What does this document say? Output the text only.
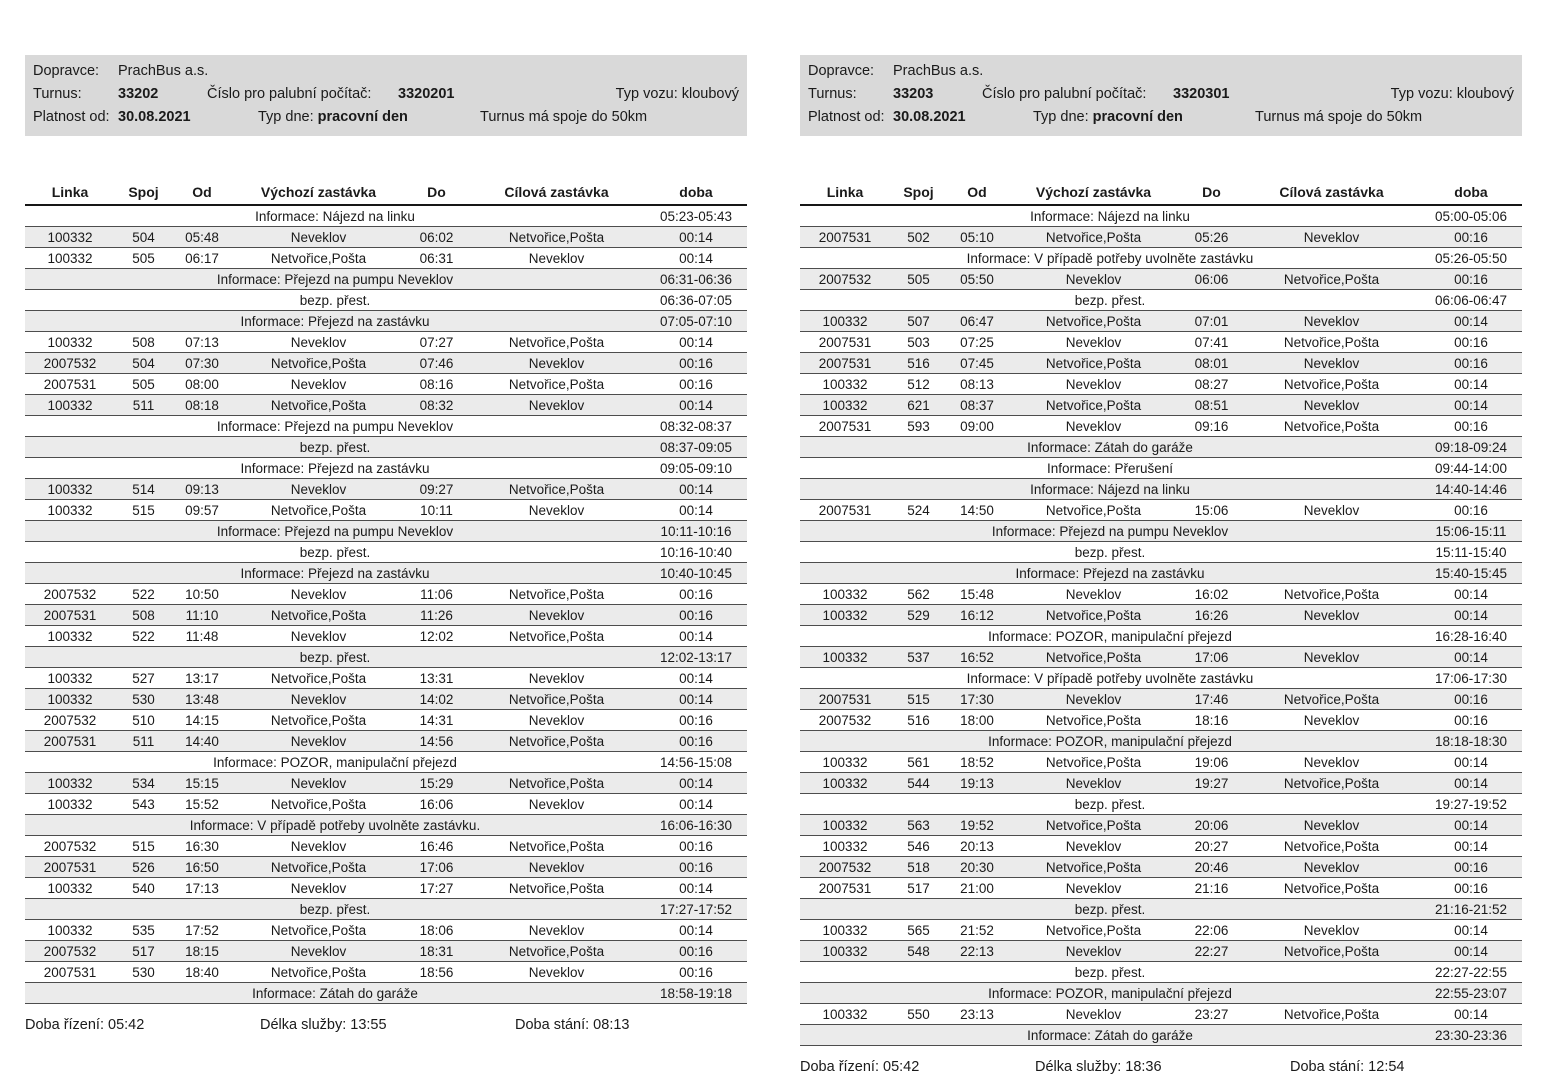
Dopravce:	PrachBus a.s.
Turnus:	33202	Číslo pro palubní počítač:	3320201	Typ vozu: kloubový
Platnost od: 30.08.2021	Typ dne: pracovní den	Turnus má spoje do 50km
Linka	Spoj	Od	Výchozí zastávka	Do	Cílová zastávka	doba
Informace: Nájezd na linku						05:23-05:43
100332	504	05:48	Neveklov	06:02	Netvořice,Pošta	00:14
100332	505	06:17	Netvořice,Pošta	06:31	Neveklov	00:14
Informace: Přejezd na pumpu Neveklov						06:31-06:36
bezp. přest.						06:36-07:05
Informace: Přejezd na zastávku						07:05-07:10
100332	508	07:13	Neveklov	07:27	Netvořice,Pošta	00:14
2007532	504	07:30	Netvořice,Pošta	07:46	Neveklov	00:16
2007531	505	08:00	Neveklov	08:16	Netvořice,Pošta	00:16
100332	511	08:18	Netvořice,Pošta	08:32	Neveklov	00:14
Informace: Přejezd na pumpu Neveklov						08:32-08:37
bezp. přest.						08:37-09:05
Informace: Přejezd na zastávku						09:05-09:10
100332	514	09:13	Neveklov	09:27	Netvořice,Pošta	00:14
100332	515	09:57	Netvořice,Pošta	10:11	Neveklov	00:14
Informace: Přejezd na pumpu Neveklov						10:11-10:16
bezp. přest.						10:16-10:40
Informace: Přejezd na zastávku						10:40-10:45
2007532	522	10:50	Neveklov	11:06	Netvořice,Pošta	00:16
2007531	508	11:10	Netvořice,Pošta	11:26	Neveklov	00:16
100332	522	11:48	Neveklov	12:02	Netvořice,Pošta	00:14
bezp. přest.						12:02-13:17
100332	527	13:17	Netvořice,Pošta	13:31	Neveklov	00:14
100332	530	13:48	Neveklov	14:02	Netvořice,Pošta	00:14
2007532	510	14:15	Netvořice,Pošta	14:31	Neveklov	00:16
2007531	511	14:40	Neveklov	14:56	Netvořice,Pošta	00:16
Informace: POZOR, manipulační přejezd						14:56-15:08
100332	534	15:15	Neveklov	15:29	Netvořice,Pošta	00:14
100332	543	15:52	Netvořice,Pošta	16:06	Neveklov	00:14
Informace: V případě potřeby uvolněte zastávku.						16:06-16:30
2007532	515	16:30	Neveklov	16:46	Netvořice,Pošta	00:16
2007531	526	16:50	Netvořice,Pošta	17:06	Neveklov	00:16
100332	540	17:13	Neveklov	17:27	Netvořice,Pošta	00:14
bezp. přest.						17:27-17:52
100332	535	17:52	Netvořice,Pošta	18:06	Neveklov	00:14
2007532	517	18:15	Neveklov	18:31	Netvořice,Pošta	00:16
2007531	530	18:40	Netvořice,Pošta	18:56	Neveklov	00:16
Informace: Zátah do garáže						18:58-19:18
Doba řízení: 05:42	Délka služby: 13:55	Doba stání: 08:13
Dopravce:	PrachBus a.s.
Turnus:	33203	Číslo pro palubní počítač:	3320301	Typ vozu: kloubový
Platnost od: 30.08.2021	Typ dne: pracovní den	Turnus má spoje do 50km
Linka	Spoj	Od	Výchozí zastávka	Do	Cílová zastávka	doba
Informace: Nájezd na linku						05:00-05:06
2007531	502	05:10	Netvořice,Pošta	05:26	Neveklov	00:16
Informace: V případě potřeby uvolněte zastávku						05:26-05:50
2007532	505	05:50	Neveklov	06:06	Netvořice,Pošta	00:16
bezp. přest.						06:06-06:47
100332	507	06:47	Netvořice,Pošta	07:01	Neveklov	00:14
2007531	503	07:25	Neveklov	07:41	Netvořice,Pošta	00:16
2007531	516	07:45	Netvořice,Pošta	08:01	Neveklov	00:16
100332	512	08:13	Neveklov	08:27	Netvořice,Pošta	00:14
100332	621	08:37	Netvořice,Pošta	08:51	Neveklov	00:14
2007531	593	09:00	Neveklov	09:16	Netvořice,Pošta	00:16
Informace: Zátah do garáže						09:18-09:24
Informace: Přerušení						09:44-14:00
Informace: Nájezd na linku						14:40-14:46
2007531	524	14:50	Netvořice,Pošta	15:06	Neveklov	00:16
Informace: Přejezd na pumpu Neveklov						15:06-15:11
bezp. přest.						15:11-15:40
Informace: Přejezd na zastávku						15:40-15:45
100332	562	15:48	Neveklov	16:02	Netvořice,Pošta	00:14
100332	529	16:12	Netvořice,Pošta	16:26	Neveklov	00:14
Informace: POZOR, manipulační přejezd						16:28-16:40
100332	537	16:52	Netvořice,Pošta	17:06	Neveklov	00:14
Informace: V případě potřeby uvolněte zastávku						17:06-17:30
2007531	515	17:30	Neveklov	17:46	Netvořice,Pošta	00:16
2007532	516	18:00	Netvořice,Pošta	18:16	Neveklov	00:16
Informace: POZOR, manipulační přejezd						18:18-18:30
100332	561	18:52	Netvořice,Pošta	19:06	Neveklov	00:14
100332	544	19:13	Neveklov	19:27	Netvořice,Pošta	00:14
bezp. přest.						19:27-19:52
100332	563	19:52	Netvořice,Pošta	20:06	Neveklov	00:14
100332	546	20:13	Neveklov	20:27	Netvořice,Pošta	00:14
2007532	518	20:30	Netvořice,Pošta	20:46	Neveklov	00:16
2007531	517	21:00	Neveklov	21:16	Netvořice,Pošta	00:16
bezp. přest.						21:16-21:52
100332	565	21:52	Netvořice,Pošta	22:06	Neveklov	00:14
100332	548	22:13	Neveklov	22:27	Netvořice,Pošta	00:14
bezp. přest.						22:27-22:55
Informace: POZOR, manipulační přejezd						22:55-23:07
100332	550	23:13	Neveklov	23:27	Netvořice,Pošta	00:14
Informace: Zátah do garáže						23:30-23:36
Doba řízení: 05:42	Délka služby: 18:36	Doba stání: 12:54
